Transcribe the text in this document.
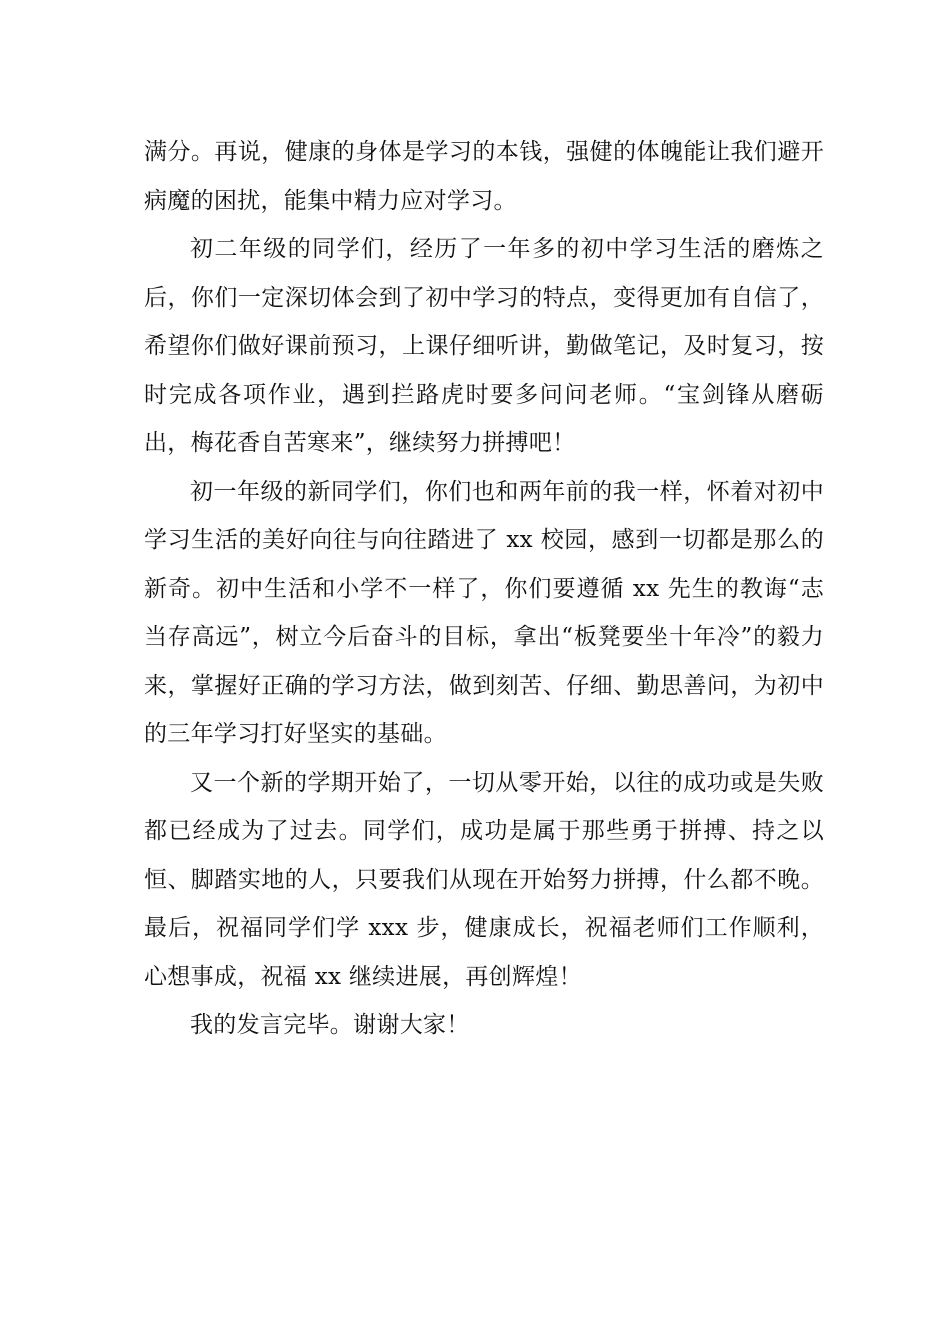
满分。再说，健康的身体是学习的本钱，强健的体魄能让我们避开病魔的困扰，能集中精力应对学习。

初二年级的同学们，经历了一年多的初中学习生活的磨炼之后，你们一定深切体会到了初中学习的特点，变得更加有自信了，希望你们做好课前预习，上课仔细听讲，勤做笔记，及时复习，按时完成各项作业，遇到拦路虎时要多问问老师。“宝剑锋从磨砺出，梅花香自苦寒来”，继续努力拼搏吧！

初一年级的新同学们，你们也和两年前的我一样，怀着对初中学习生活的美好向往与向往踏进了 xx 校园，感到一切都是那么的新奇。初中生活和小学不一样了，你们要遵循 xx 先生的教诲“志当存高远”，树立今后奋斗的目标，拿出“板凳要坐十年冷”的毅力来，掌握好正确的学习方法，做到刻苦、仔细、勤思善问，为初中的三年学习打好坚实的基础。

又一个新的学期开始了，一切从零开始，以往的成功或是失败都已经成为了过去。同学们，成功是属于那些勇于拼搏、持之以恒、脚踏实地的人，只要我们从现在开始努力拼搏，什么都不晚。最后，祝福同学们学 xxx 步，健康成长，祝福老师们工作顺利，心想事成，祝福 xx 继续进展，再创辉煌！

我的发言完毕。谢谢大家！
